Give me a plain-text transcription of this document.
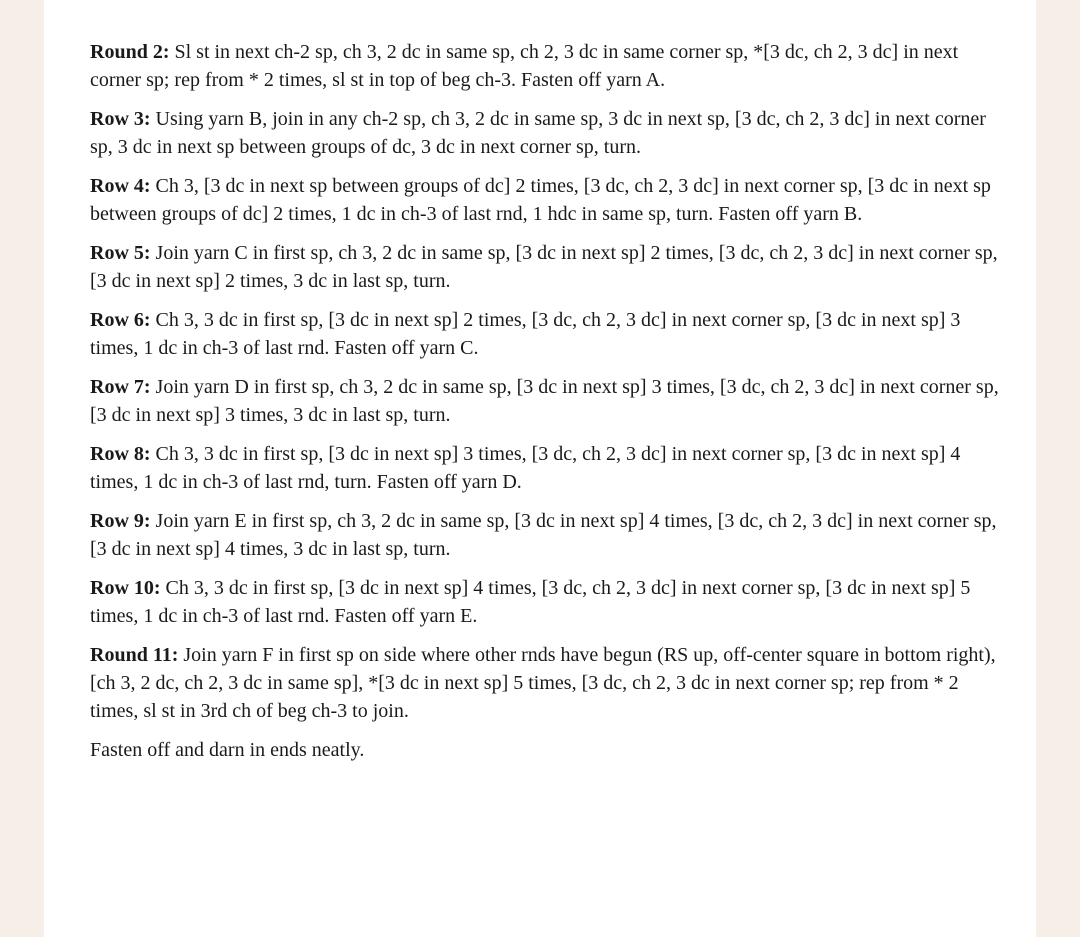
Round 2: Sl st in next ch-2 sp, ch 3, 2 dc in same sp, ch 2, 3 dc in same corner sp, *[3 dc, ch 2, 3 dc] in next corner sp; rep from * 2 times, sl st in top of beg ch-3. Fasten off yarn A.

Row 3: Using yarn B, join in any ch-2 sp, ch 3, 2 dc in same sp, 3 dc in next sp, [3 dc, ch 2, 3 dc] in next corner sp, 3 dc in next sp between groups of dc, 3 dc in next corner sp, turn.

Row 4: Ch 3, [3 dc in next sp between groups of dc] 2 times, [3 dc, ch 2, 3 dc] in next corner sp, [3 dc in next sp between groups of dc] 2 times, 1 dc in ch-3 of last rnd, 1 hdc in same sp, turn. Fasten off yarn B.

Row 5: Join yarn C in first sp, ch 3, 2 dc in same sp, [3 dc in next sp] 2 times, [3 dc, ch 2, 3 dc] in next corner sp, [3 dc in next sp] 2 times, 3 dc in last sp, turn.

Row 6: Ch 3, 3 dc in first sp, [3 dc in next sp] 2 times, [3 dc, ch 2, 3 dc] in next corner sp, [3 dc in next sp] 3 times, 1 dc in ch-3 of last rnd. Fasten off yarn C.

Row 7: Join yarn D in first sp, ch 3, 2 dc in same sp, [3 dc in next sp] 3 times, [3 dc, ch 2, 3 dc] in next corner sp, [3 dc in next sp] 3 times, 3 dc in last sp, turn.

Row 8: Ch 3, 3 dc in first sp, [3 dc in next sp] 3 times, [3 dc, ch 2, 3 dc] in next corner sp, [3 dc in next sp] 4 times, 1 dc in ch-3 of last rnd, turn. Fasten off yarn D.

Row 9: Join yarn E in first sp, ch 3, 2 dc in same sp, [3 dc in next sp] 4 times, [3 dc, ch 2, 3 dc] in next corner sp, [3 dc in next sp] 4 times, 3 dc in last sp, turn.

Row 10: Ch 3, 3 dc in first sp, [3 dc in next sp] 4 times, [3 dc, ch 2, 3 dc] in next corner sp, [3 dc in next sp] 5 times, 1 dc in ch-3 of last rnd. Fasten off yarn E.

Round 11: Join yarn F in first sp on side where other rnds have begun (RS up, off-center square in bottom right), [ch 3, 2 dc, ch 2, 3 dc in same sp], *[3 dc in next sp] 5 times, [3 dc, ch 2, 3 dc in next corner sp; rep from * 2 times, sl st in 3rd ch of beg ch-3 to join.

Fasten off and darn in ends neatly.
